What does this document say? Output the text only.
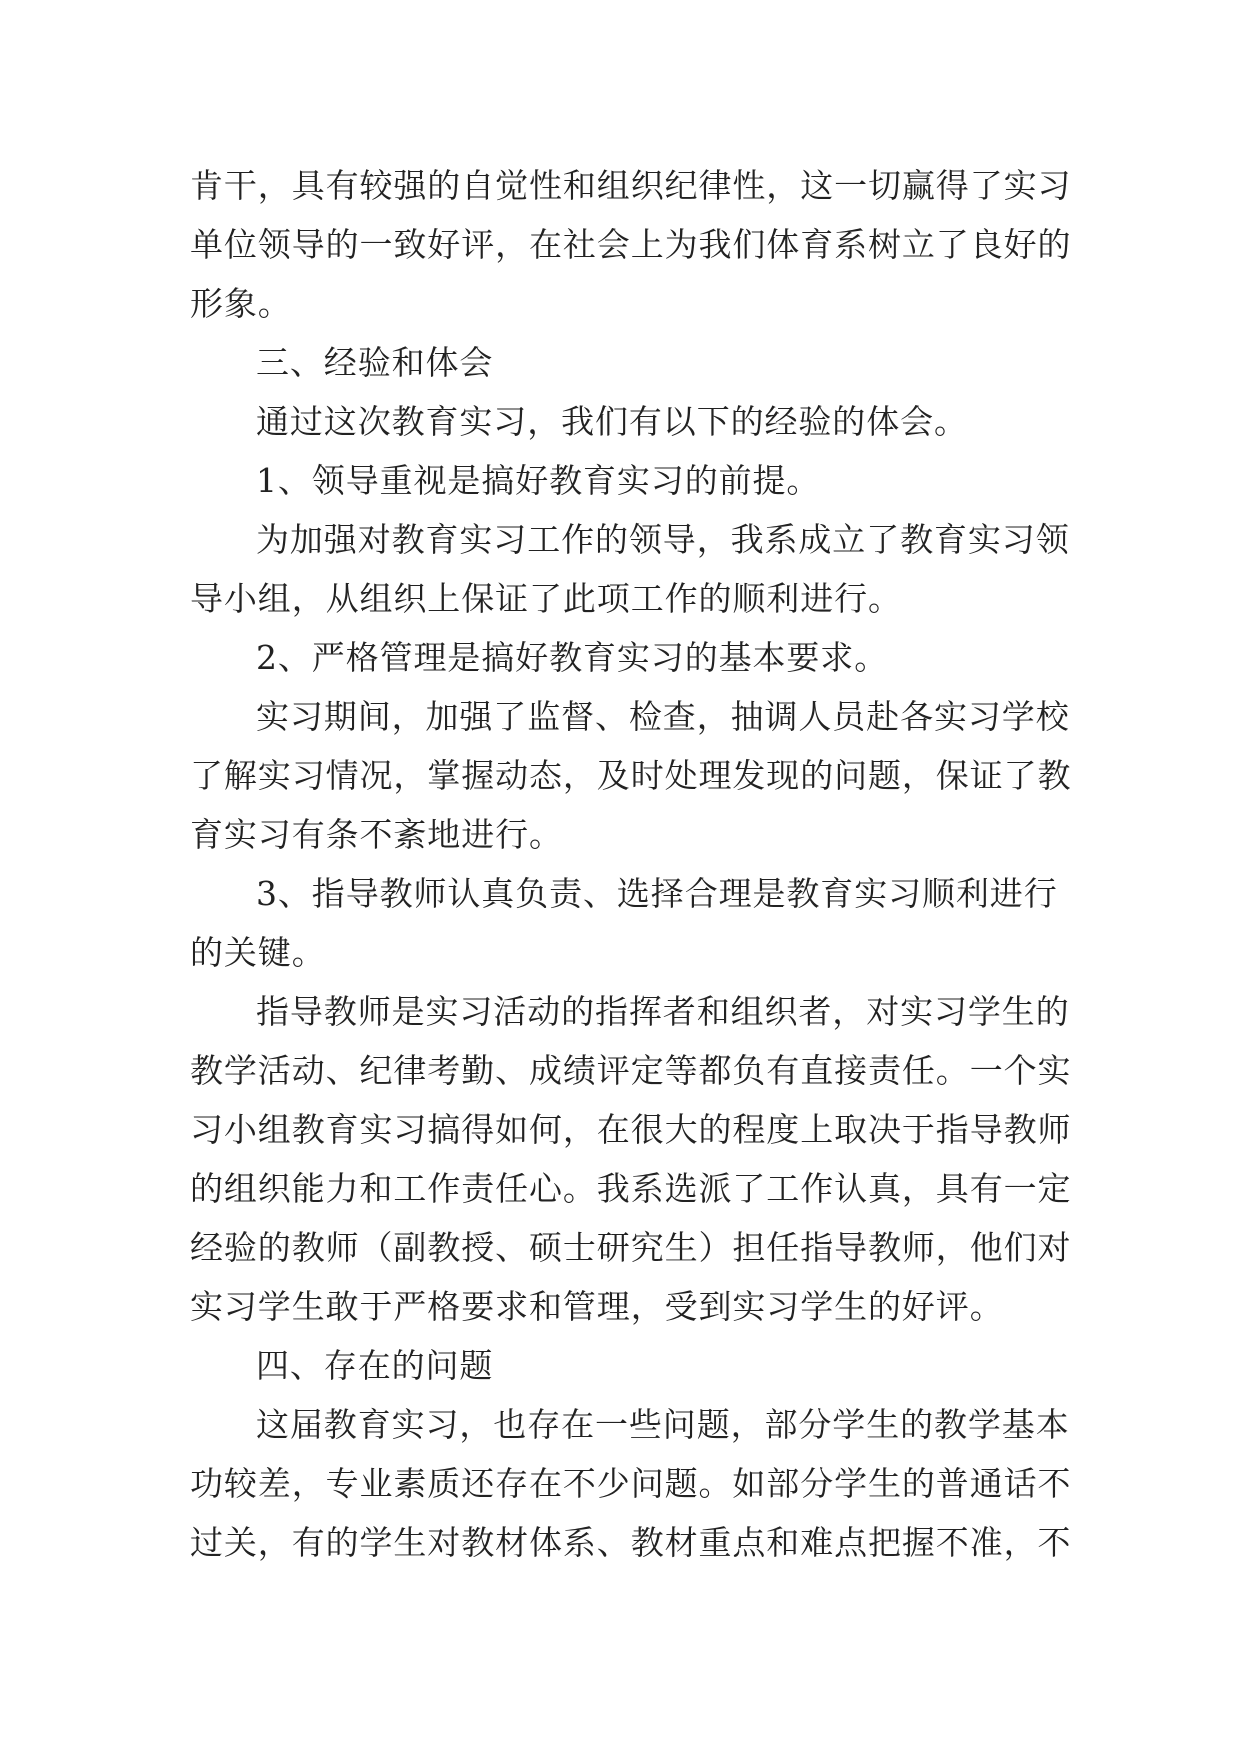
肯干，具有较强的自觉性和组织纪律性，这一切赢得了实习
单位领导的一致好评，在社会上为我们体育系树立了良好的
形象。
三、经验和体会
通过这次教育实习，我们有以下的经验的体会。
1、领导重视是搞好教育实习的前提。
为加强对教育实习工作的领导，我系成立了教育实习领
导小组，从组织上保证了此项工作的顺利进行。
2、严格管理是搞好教育实习的基本要求。
实习期间，加强了监督、检查，抽调人员赴各实习学校
了解实习情况，掌握动态，及时处理发现的问题，保证了教
育实习有条不紊地进行。
3、指导教师认真负责、选择合理是教育实习顺利进行
的关键。
指导教师是实习活动的指挥者和组织者，对实习学生的
教学活动、纪律考勤、成绩评定等都负有直接责任。一个实
习小组教育实习搞得如何，在很大的程度上取决于指导教师
的组织能力和工作责任心。我系选派了工作认真，具有一定
经验的教师（副教授、硕士研究生）担任指导教师，他们对
实习学生敢于严格要求和管理，受到实习学生的好评。
四、存在的问题
这届教育实习，也存在一些问题，部分学生的教学基本
功较差，专业素质还存在不少问题。如部分学生的普通话不
过关，有的学生对教材体系、教材重点和难点把握不准，不
